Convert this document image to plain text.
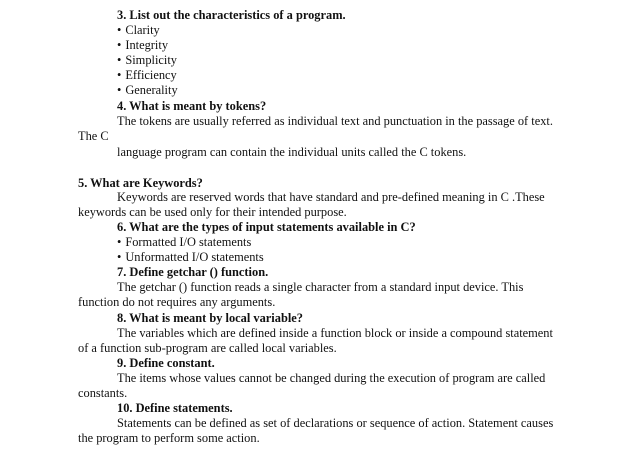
3. List out the characteristics of a program.
• Clarity
• Integrity
• Simplicity
• Efficiency
• Generality
4. What is meant by tokens?
The tokens are usually referred as individual text and punctuation in the passage of text.
The C
language program can contain the individual units called the C tokens.
5. What are Keywords?
Keywords are reserved words that have standard and pre-defined meaning in C .These
keywords can be used only for their intended purpose.
6. What are the types of input statements available in C?
• Formatted I/O statements
• Unformatted I/O statements
7. Define getchar () function.
The getchar () function reads a single character from a standard input device. This
function do not requires any arguments.
8. What is meant by local variable?
The variables which are defined inside a function block or inside a compound statement
of a function sub-program are called local variables.
9. Define constant.
The items whose values cannot be changed during the execution of program are called
constants.
10. Define statements.
Statements can be defined as set of declarations or sequence of action. Statement causes
the program to perform some action.
